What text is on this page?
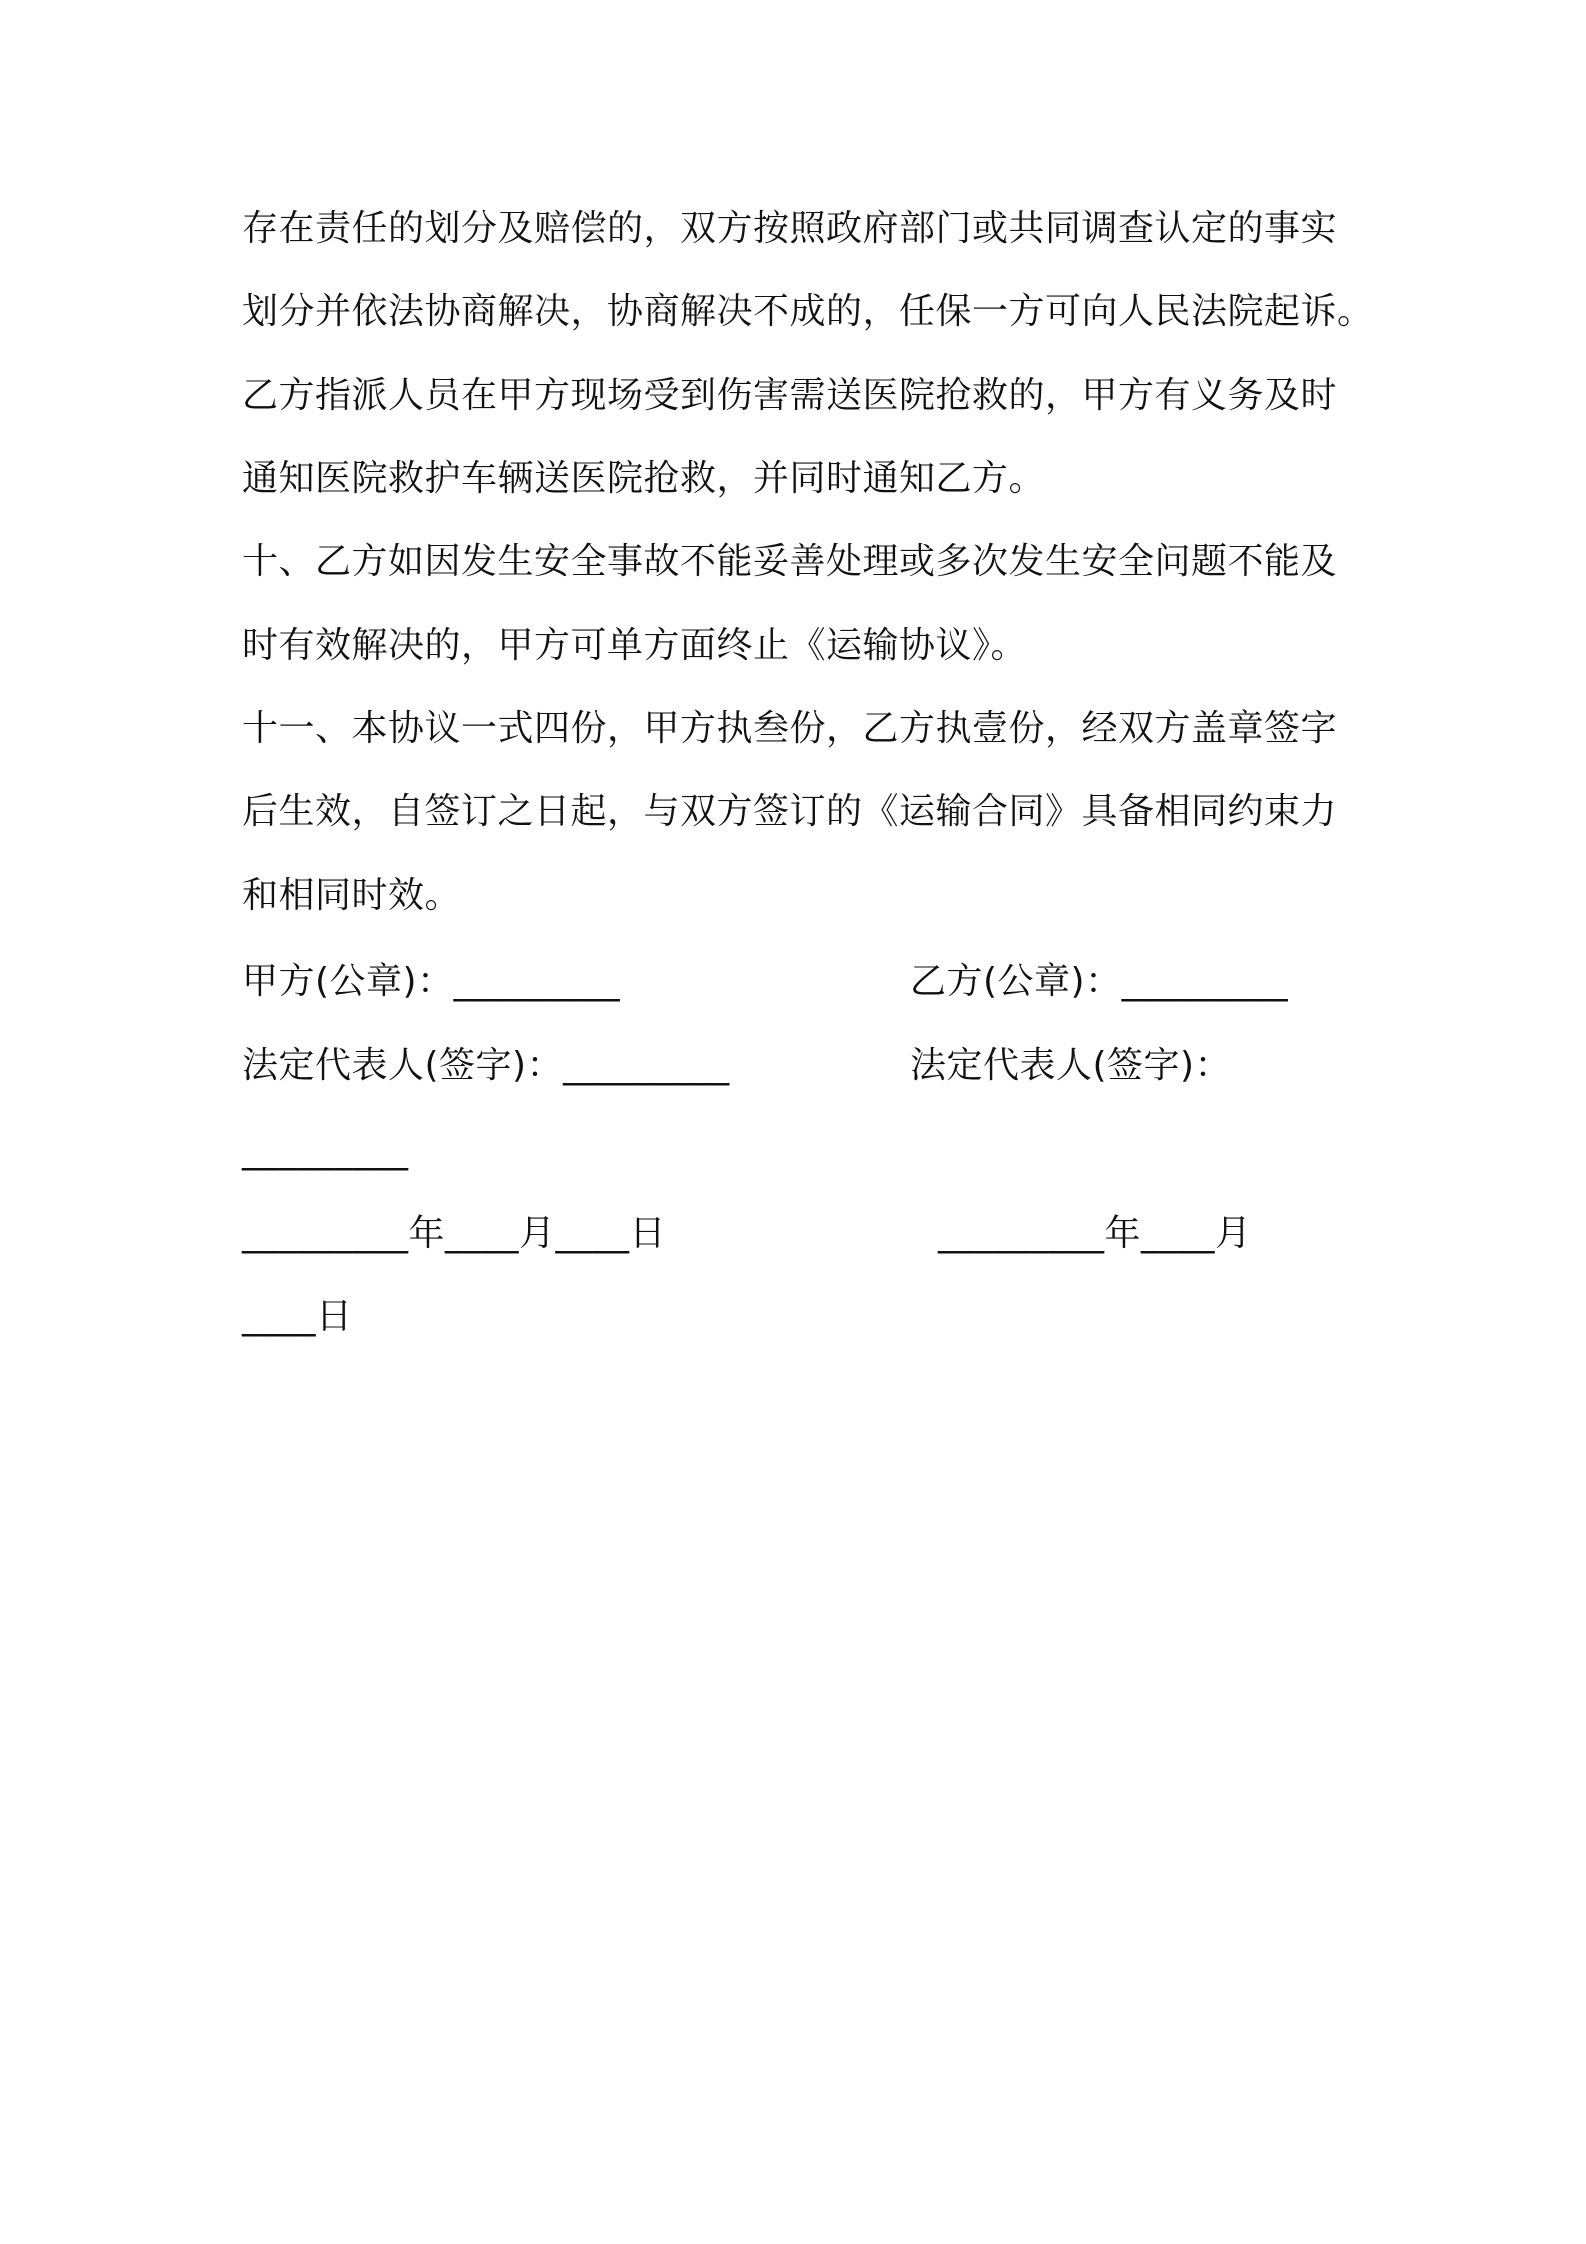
存在责任的划分及赔偿的，双方按照政府部门或共同调查认定的事实
划分并依法协商解决，协商解决不成的，任保一方可向人民法院起诉。
乙方指派人员在甲方现场受到伤害需送医院抢救的，甲方有义务及时
通知医院救护车辆送医院抢救，并同时通知乙方。
十、乙方如因发生安全事故不能妥善处理或多次发生安全问题不能及
时有效解决的，甲方可单方面终止《运输协议》。
十一、本协议一式四份，甲方执叁份，乙方执壹份，经双方盖章签字
后生效，自签订之日起，与双方签订的《运输合同》具备相同约束力
和相同时效。
甲方(公章)：_________	乙方(公章)：_________
法定代表人(签字)：_________	法定代表人(签字)：
_________
_________年____月____日	_________年____月
____日
